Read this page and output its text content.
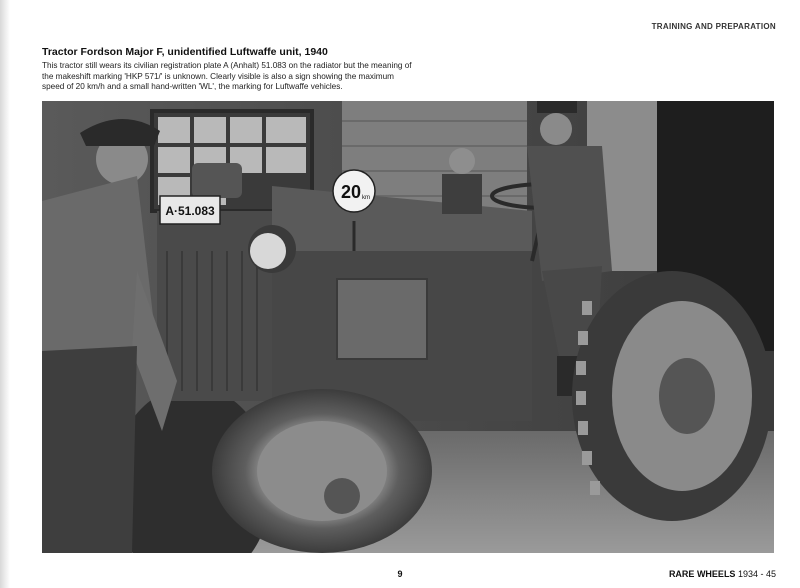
TRAINING AND PREPARATION

Tractor Fordson Major F, unidentified Luftwaffe unit, 1940

This tractor still wears its civilian registration plate A (Anhalt) 51.083 on the radiator but the meaning of the makeshift marking 'HKP 571/' is unknown. Clearly visible is also a sign showing the maximum speed of 20 km/h and a small hand-written 'WL', the marking for Luftwaffe vehicles.

A·51.083
20 km
9	RARE WHEELS 1934 - 45
